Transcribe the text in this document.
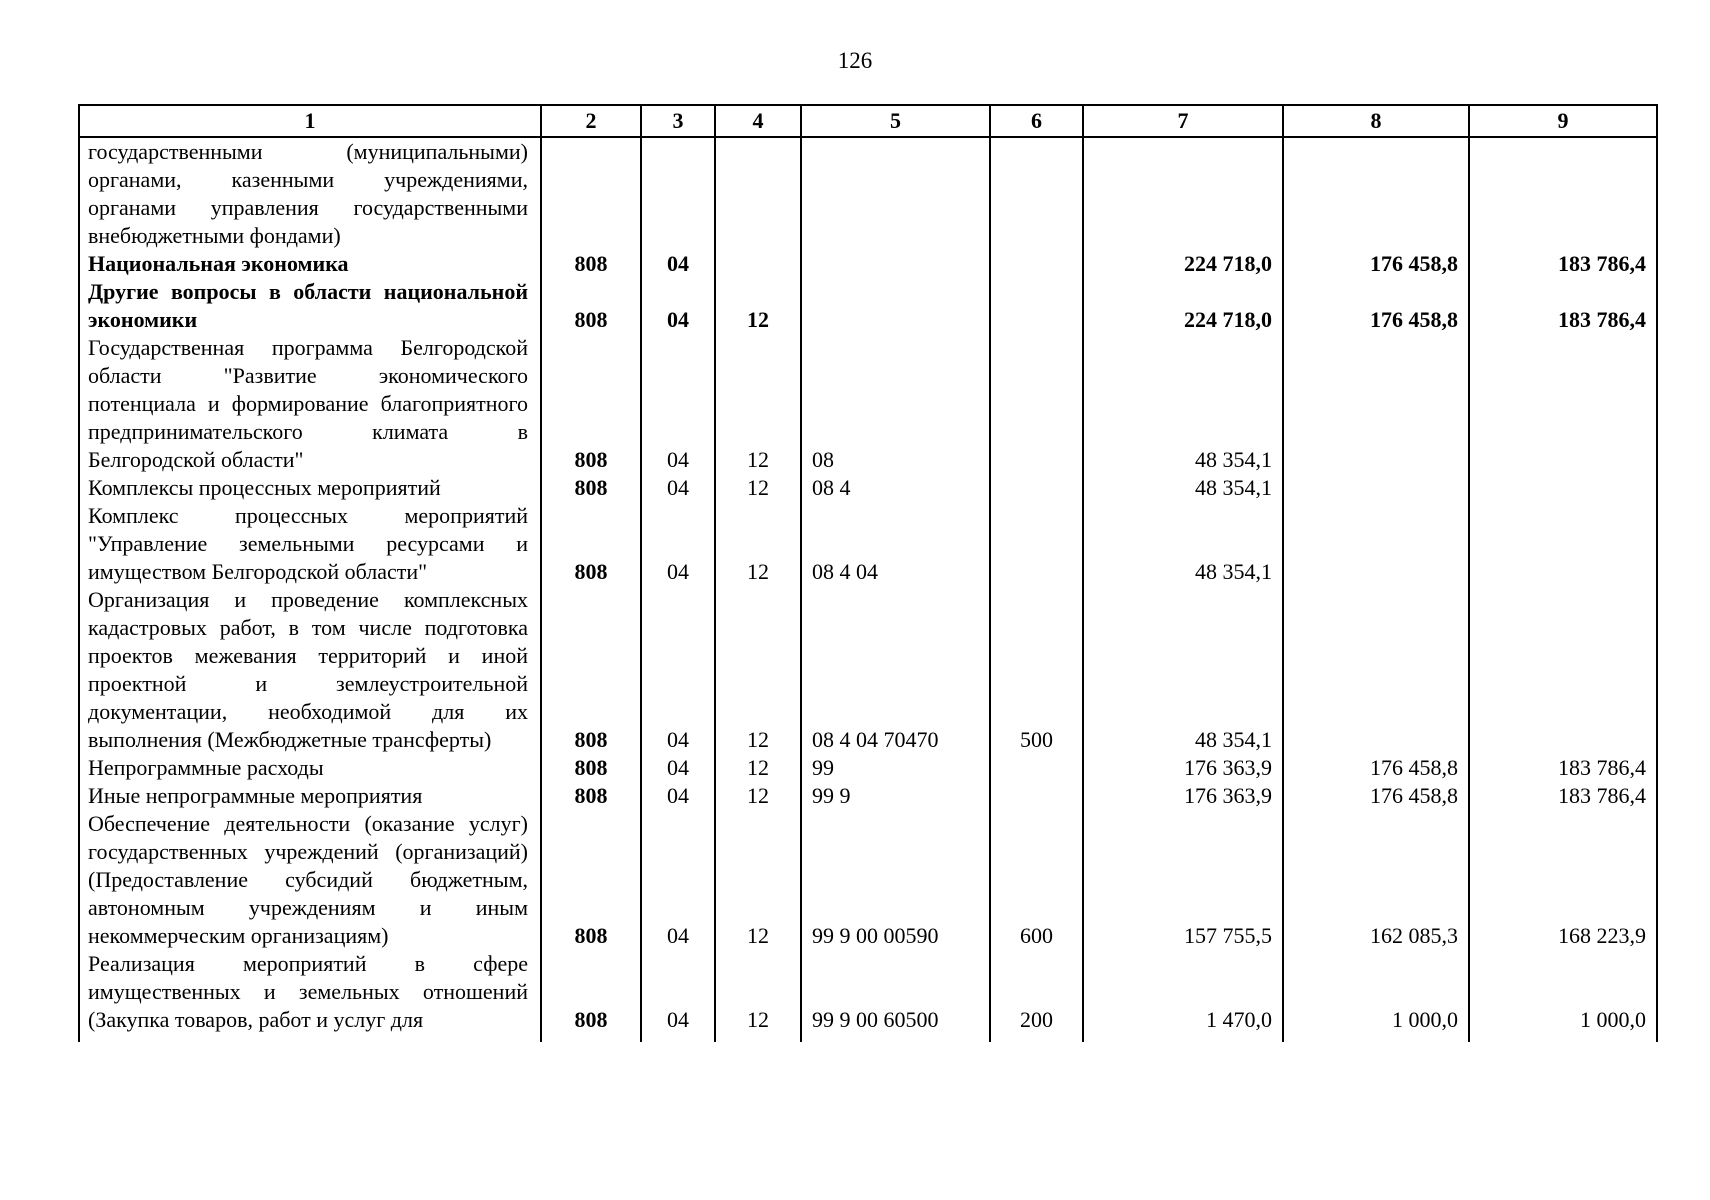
126
1	2	3	4	5	6	7	8	9
государственными (муниципальными) органами, казенными учреждениями, органами управления государственными внебюджетными фондами)								
Национальная экономика	808	04				224 718,0	176 458,8	183 786,4
Другие вопросы в области национальной экономики	808	04	12			224 718,0	176 458,8	183 786,4
Государственная программа Белгородской области "Развитие экономического потенциала и формирование благоприятного предпринимательского климата в Белгородской области"	808	04	12	08		48 354,1		
Комплексы процессных мероприятий	808	04	12	08 4		48 354,1		
Комплекс процессных мероприятий "Управление земельными ресурсами и имуществом Белгородской области"	808	04	12	08 4 04		48 354,1		
Организация и проведение комплексных кадастровых работ, в том числе подготовка проектов межевания территорий и иной проектной и землеустроительной документации, необходимой для их выполнения (Межбюджетные трансферты)	808	04	12	08 4 04 70470	500	48 354,1		
Непрограммные расходы	808	04	12	99		176 363,9	176 458,8	183 786,4
Иные непрограммные мероприятия	808	04	12	99 9		176 363,9	176 458,8	183 786,4
Обеспечение деятельности (оказание услуг) государственных учреждений (организаций) (Предоставление субсидий бюджетным, автономным учреждениям и иным некоммерческим организациям)	808	04	12	99 9 00 00590	600	157 755,5	162 085,3	168 223,9
Реализация мероприятий в сфере имущественных и земельных отношений (Закупка товаров, работ и услуг для	808	04	12	99 9 00 60500	200	1 470,0	1 000,0	1 000,0
